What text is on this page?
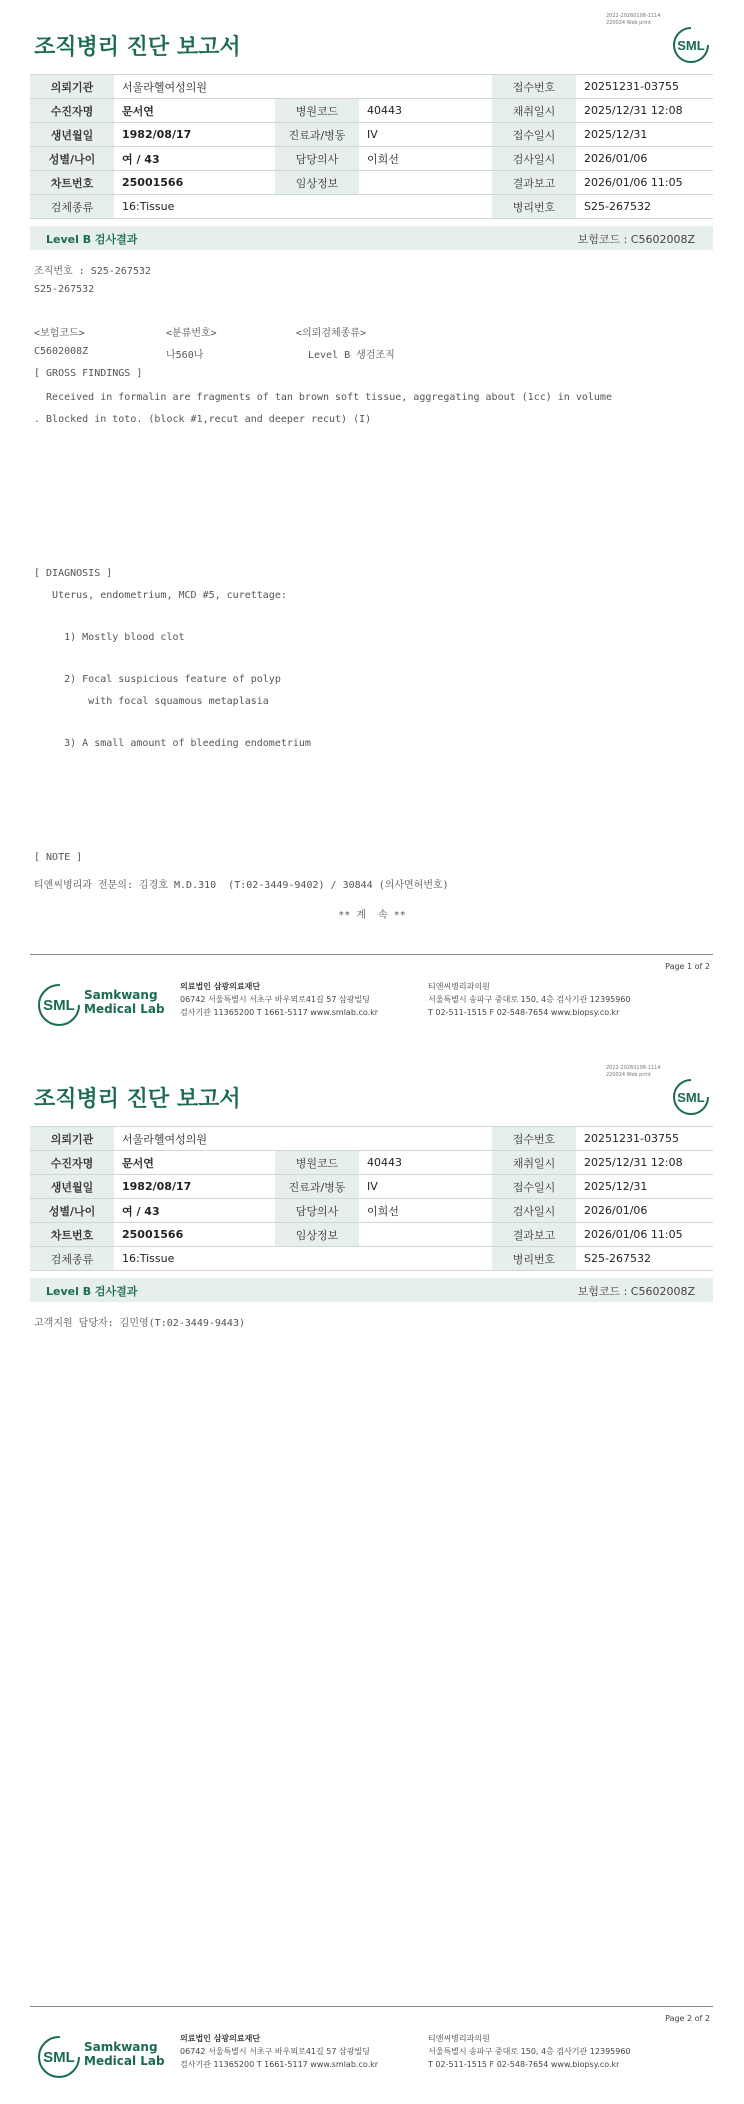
2022-20260108-1114
220024 Web print
조직병리 진단 보고서	SML
의뢰기관	서울라헬여성의원			접수번호	20251231-03755
수진자명	문서연	병원코드	40443	채취일시	2025/12/31 12:08
생년월일	1982/08/17	진료과/병동	IV	접수일시	2025/12/31
성별/나이	여 / 43	담당의사	이희선	검사일시	2026/01/06
차트번호	25001566	임상정보		결과보고	2026/01/06 11:05
검체종류	16:Tissue			병리번호	S25-267532
Level B 검사결과	보험코드 : C5602008Z
조직번호 : S25-267532
S25-267532
<보험코드>	<분류번호>	<의뢰검체종류>
C5602008Z	나560나	Level B 생검조직
[ GROSS FINDINGS ]
Received in formalin are fragments of tan brown soft tissue, aggregating about (1cc) in volume
. Blocked in toto. (block #1,recut and deeper recut) (I)
[ DIAGNOSIS ]
Uterus, endometrium, MCD #5, curettage:
1) Mostly blood clot
2) Focal suspicious feature of polyp
with focal squamous metaplasia
3) A small amount of bleeding endometrium
[ NOTE ]
티앤씨병리과 전문의: 김경호 M.D.310  (T:02-3449-9402) / 30844 (의사면허번호)
** 계  속 **
Page 1 of 2
SML
Samkwang
Medical Lab
의료법인 삼광의료재단
06742 서울특별시 서초구 바우뫼로41길 57 삼광빌딩
검사기관 11365200 T 1661-5117 www.smlab.co.kr
티앤씨병리과의원
서울특별시 송파구 중대로 150, 4층 검사기관 12395960
T 02-511-1515 F 02-548-7654 www.biopsy.co.kr
2022-20260108-1114
220024 Web print
조직병리 진단 보고서	SML
의뢰기관	서울라헬여성의원			접수번호	20251231-03755
수진자명	문서연	병원코드	40443	채취일시	2025/12/31 12:08
생년월일	1982/08/17	진료과/병동	IV	접수일시	2025/12/31
성별/나이	여 / 43	담당의사	이희선	검사일시	2026/01/06
차트번호	25001566	임상정보		결과보고	2026/01/06 11:05
검체종류	16:Tissue			병리번호	S25-267532
Level B 검사결과	보험코드 : C5602008Z
고객지원 담당자: 김민영(T:02-3449-9443)
Page 2 of 2
SML
Samkwang
Medical Lab
의료법인 삼광의료재단
06742 서울특별시 서초구 바우뫼로41길 57 삼광빌딩
검사기관 11365200 T 1661-5117 www.smlab.co.kr
티앤씨병리과의원
서울특별시 송파구 중대로 150, 4층 검사기관 12395960
T 02-511-1515 F 02-548-7654 www.biopsy.co.kr
